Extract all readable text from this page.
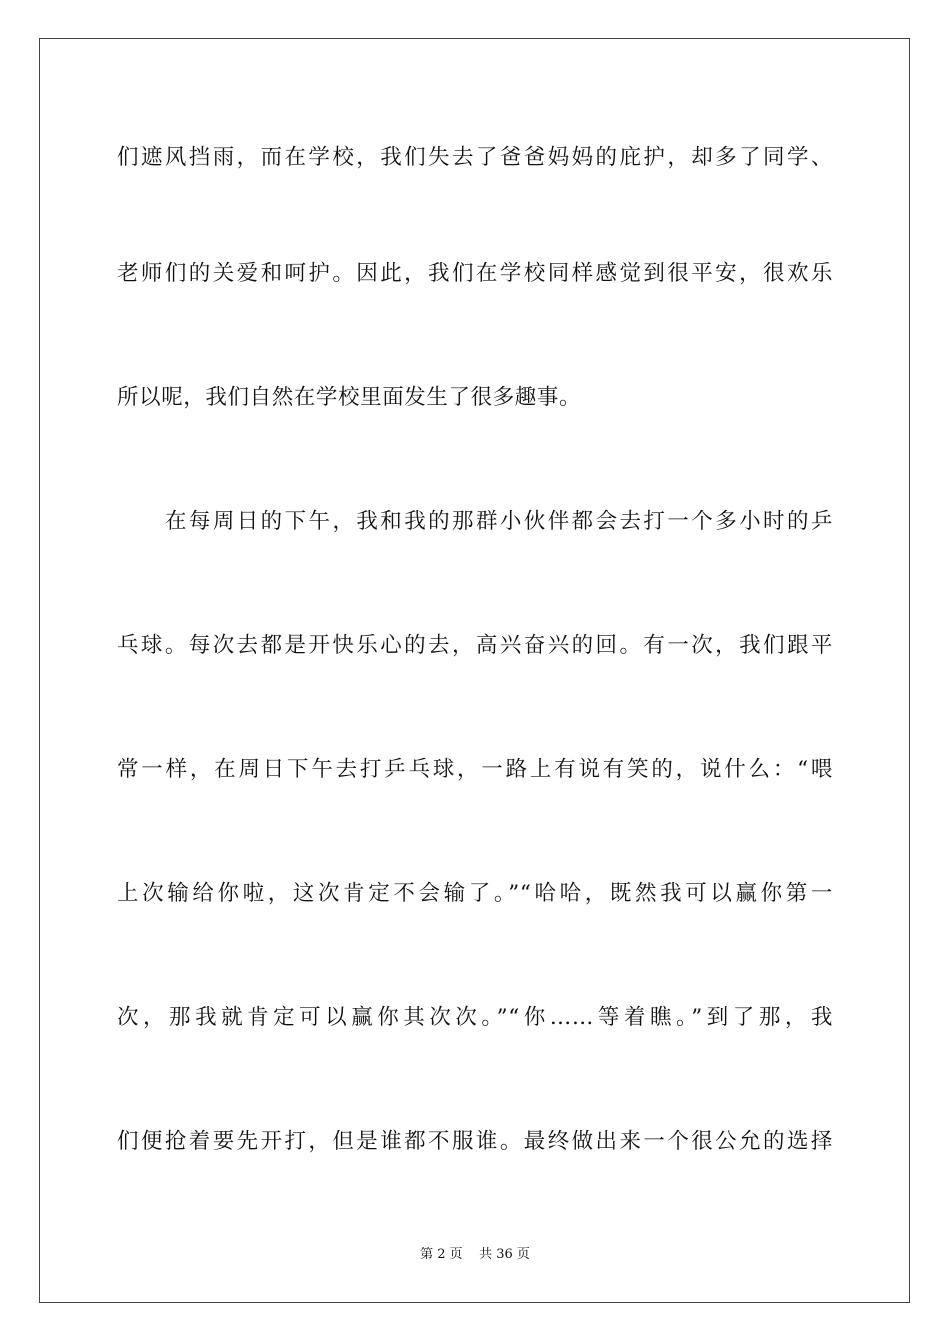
们遮风挡雨，而在学校，我们失去了爸爸妈妈的庇护，却多了同学、
老师们的关爱和呵护。因此，我们在学校同样感觉到很平安，很欢乐
所以呢，我们自然在学校里面发生了很多趣事。
在每周日的下午，我和我的那群小伙伴都会去打一个多小时的乒
乓球。每次去都是开快乐心的去，高兴奋兴的回。有一次，我们跟平
常一样，在周日下午去打乒乓球，一路上有说有笑的，说什么：“喂
上次输给你啦，这次肯定不会输了。”“哈哈，既然我可以赢你第一
次，那我就肯定可以赢你其次次。”“你……等着瞧。”到了那，我
们便抢着要先开打，但是谁都不服谁。最终做出来一个很公允的选择
第 2 页    共 36 页
